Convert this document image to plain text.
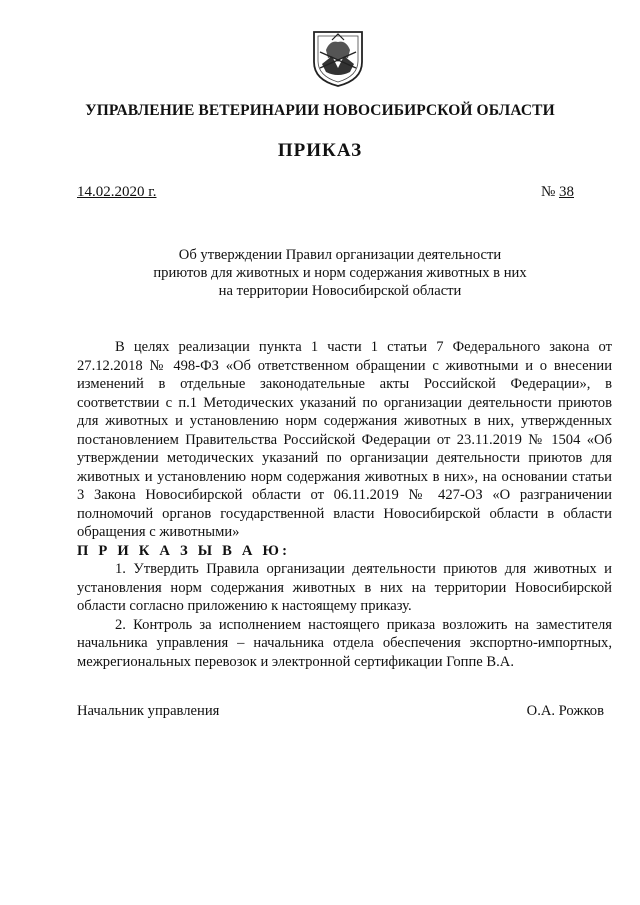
УПРАВЛЕНИЕ ВЕТЕРИНАРИИ НОВОСИБИРСКОЙ ОБЛАСТИ
ПРИКАЗ
14.02.2020 г.	№ 38
Об утверждении Правил организации деятельности
приютов для животных и норм содержания животных в них
на территории Новосибирской области

В целях реализации пункта 1 части 1 статьи 7 Федерального закона от 27.12.2018 № 498-ФЗ «Об ответственном обращении с животными и о внесении изменений в отдельные законодательные акты Российской Федерации», в соответствии с п.1 Методических указаний по организации деятельности приютов для животных и установлению норм содержания животных в них, утвержденных постановлением Правительства Российской Федерации от 23.11.2019 № 1504 «Об утверждении методических указаний по организации деятельности приютов для животных и установлению норм содержания животных в них», на основании статьи 3 Закона Новосибирской области от 06.11.2019 № 427-ОЗ «О разграничении полномочий органов государственной власти Новосибирской области в области обращения с животными»

П Р И К А З Ы В А Ю:

1. Утвердить Правила организации деятельности приютов для животных и установления норм содержания животных в них на территории Новосибирской области согласно приложению к настоящему приказу.

2. Контроль за исполнением настоящего приказа возложить на заместителя начальника управления – начальника отдела обеспечения экспортно-импортных, межрегиональных перевозок и электронной сертификации Гоппе В.А.

Начальник управления	О.А. Рожков
